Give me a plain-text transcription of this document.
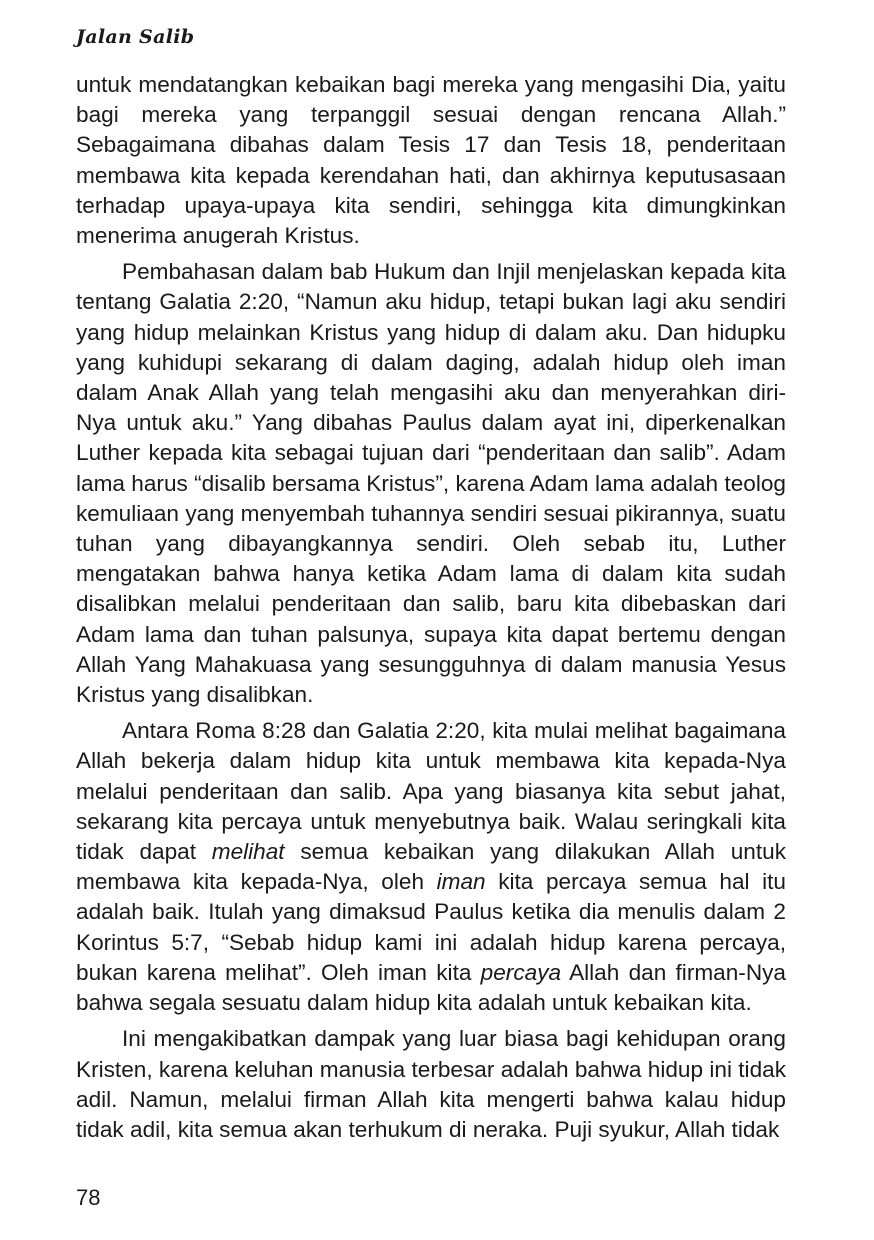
Jalan Salib

untuk mendatangkan kebaikan bagi mereka yang mengasihi Dia, yaitu bagi mereka yang terpanggil sesuai dengan rencana Allah.” Sebagaimana dibahas dalam Tesis 17 dan Tesis 18, penderitaan membawa kita kepada kerendahan hati, dan akhirnya keputusasaan terhadap upaya-upaya kita sendiri, sehingga kita dimungkinkan menerima anugerah Kristus.

Pembahasan dalam bab Hukum dan Injil menjelaskan kepada kita tentang Galatia 2:20, “Namun aku hidup, tetapi bukan lagi aku sendiri yang hidup melainkan Kristus yang hidup di dalam aku. Dan hidupku yang kuhidupi sekarang di dalam daging, adalah hidup oleh iman dalam Anak Allah yang telah mengasihi aku dan menyerahkan diri- Nya untuk aku.” Yang dibahas Paulus dalam ayat ini, diperkenalkan Luther kepada kita sebagai tujuan dari “penderitaan dan salib”. Adam lama harus “disalib bersama Kristus”, karena Adam lama adalah teolog kemuliaan yang menyembah tuhannya sendiri sesuai pikirannya, suatu tuhan yang dibayangkannya sendiri. Oleh sebab itu, Luther mengatakan bahwa hanya ketika Adam lama di dalam kita sudah disalibkan melalui penderitaan dan salib, baru kita dibebaskan dari Adam lama dan tuhan palsunya, supaya kita dapat bertemu dengan Allah Yang Mahakuasa yang sesungguhnya di dalam manusia Yesus Kristus yang disalibkan.

Antara Roma 8:28 dan Galatia 2:20, kita mulai melihat bagaimana Allah bekerja dalam hidup kita untuk membawa kita kepada-Nya melalui penderitaan dan salib. Apa yang biasanya kita sebut jahat, sekarang kita percaya untuk menyebutnya baik. Walau seringkali kita tidak dapat melihat semua kebaikan yang dilakukan Allah untuk membawa kita kepada-Nya, oleh iman kita percaya semua hal itu adalah baik. Itulah yang dimaksud Paulus ketika dia menulis dalam 2 Korintus 5:7, “Sebab hidup kami ini adalah hidup karena percaya, bukan karena melihat”. Oleh iman kita percaya Allah dan firman-Nya bahwa segala sesuatu dalam hidup kita adalah untuk kebaikan kita.

Ini mengakibatkan dampak yang luar biasa bagi kehidupan orang Kristen, karena keluhan manusia terbesar adalah bahwa hidup ini tidak adil. Namun, melalui firman Allah kita mengerti bahwa kalau hidup tidak adil, kita semua akan terhukum di neraka. Puji syukur, Allah tidak

78
